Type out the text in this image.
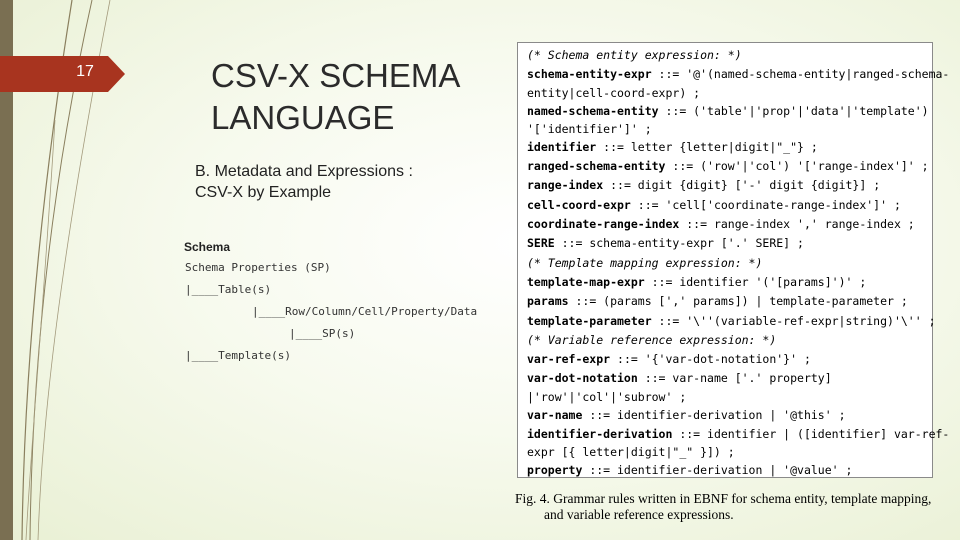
17	CSV-X SCHEMA
LANGUAGE
B. Metadata and Expressions :
CSV-X by Example
Schema
Schema Properties (SP)
|____Table(s)
|____Row/Column/Cell/Property/Data
|____SP(s)
|____Template(s)
(* Schema entity expression: *)
schema-entity-expr ::= '@'(named-schema-entity|ranged-schema-
entity|cell-coord-expr) ;
named-schema-entity ::= ('table'|'prop'|'data'|'template')
'['identifier']' ;
identifier ::= letter {letter|digit|"_"} ;
ranged-schema-entity ::= ('row'|'col') '['range-index']' ;
range-index ::= digit {digit} ['-' digit {digit}] ;
cell-coord-expr ::= 'cell['coordinate-range-index']' ;
coordinate-range-index ::= range-index ',' range-index ;
SERE ::= schema-entity-expr ['.' SERE] ;
(* Template mapping expression: *)
template-map-expr ::= identifier '('[params]')' ;
params ::= (params [',' params]) | template-parameter ;
template-parameter ::= '\''(variable-ref-expr|string)'\'' ;
(* Variable reference expression: *)
var-ref-expr ::= '{'var-dot-notation'}' ;
var-dot-notation ::= var-name ['.' property]
|'row'|'col'|'subrow' ;
var-name ::= identifier-derivation | '@this' ;
identifier-derivation ::= identifier | ([identifier] var-ref-
expr [{ letter|digit|"_" }]) ;
property ::= identifier-derivation | '@value' ;
Fig. 4. Grammar rules written in EBNF for schema entity, template mapping,
and variable reference expressions.
